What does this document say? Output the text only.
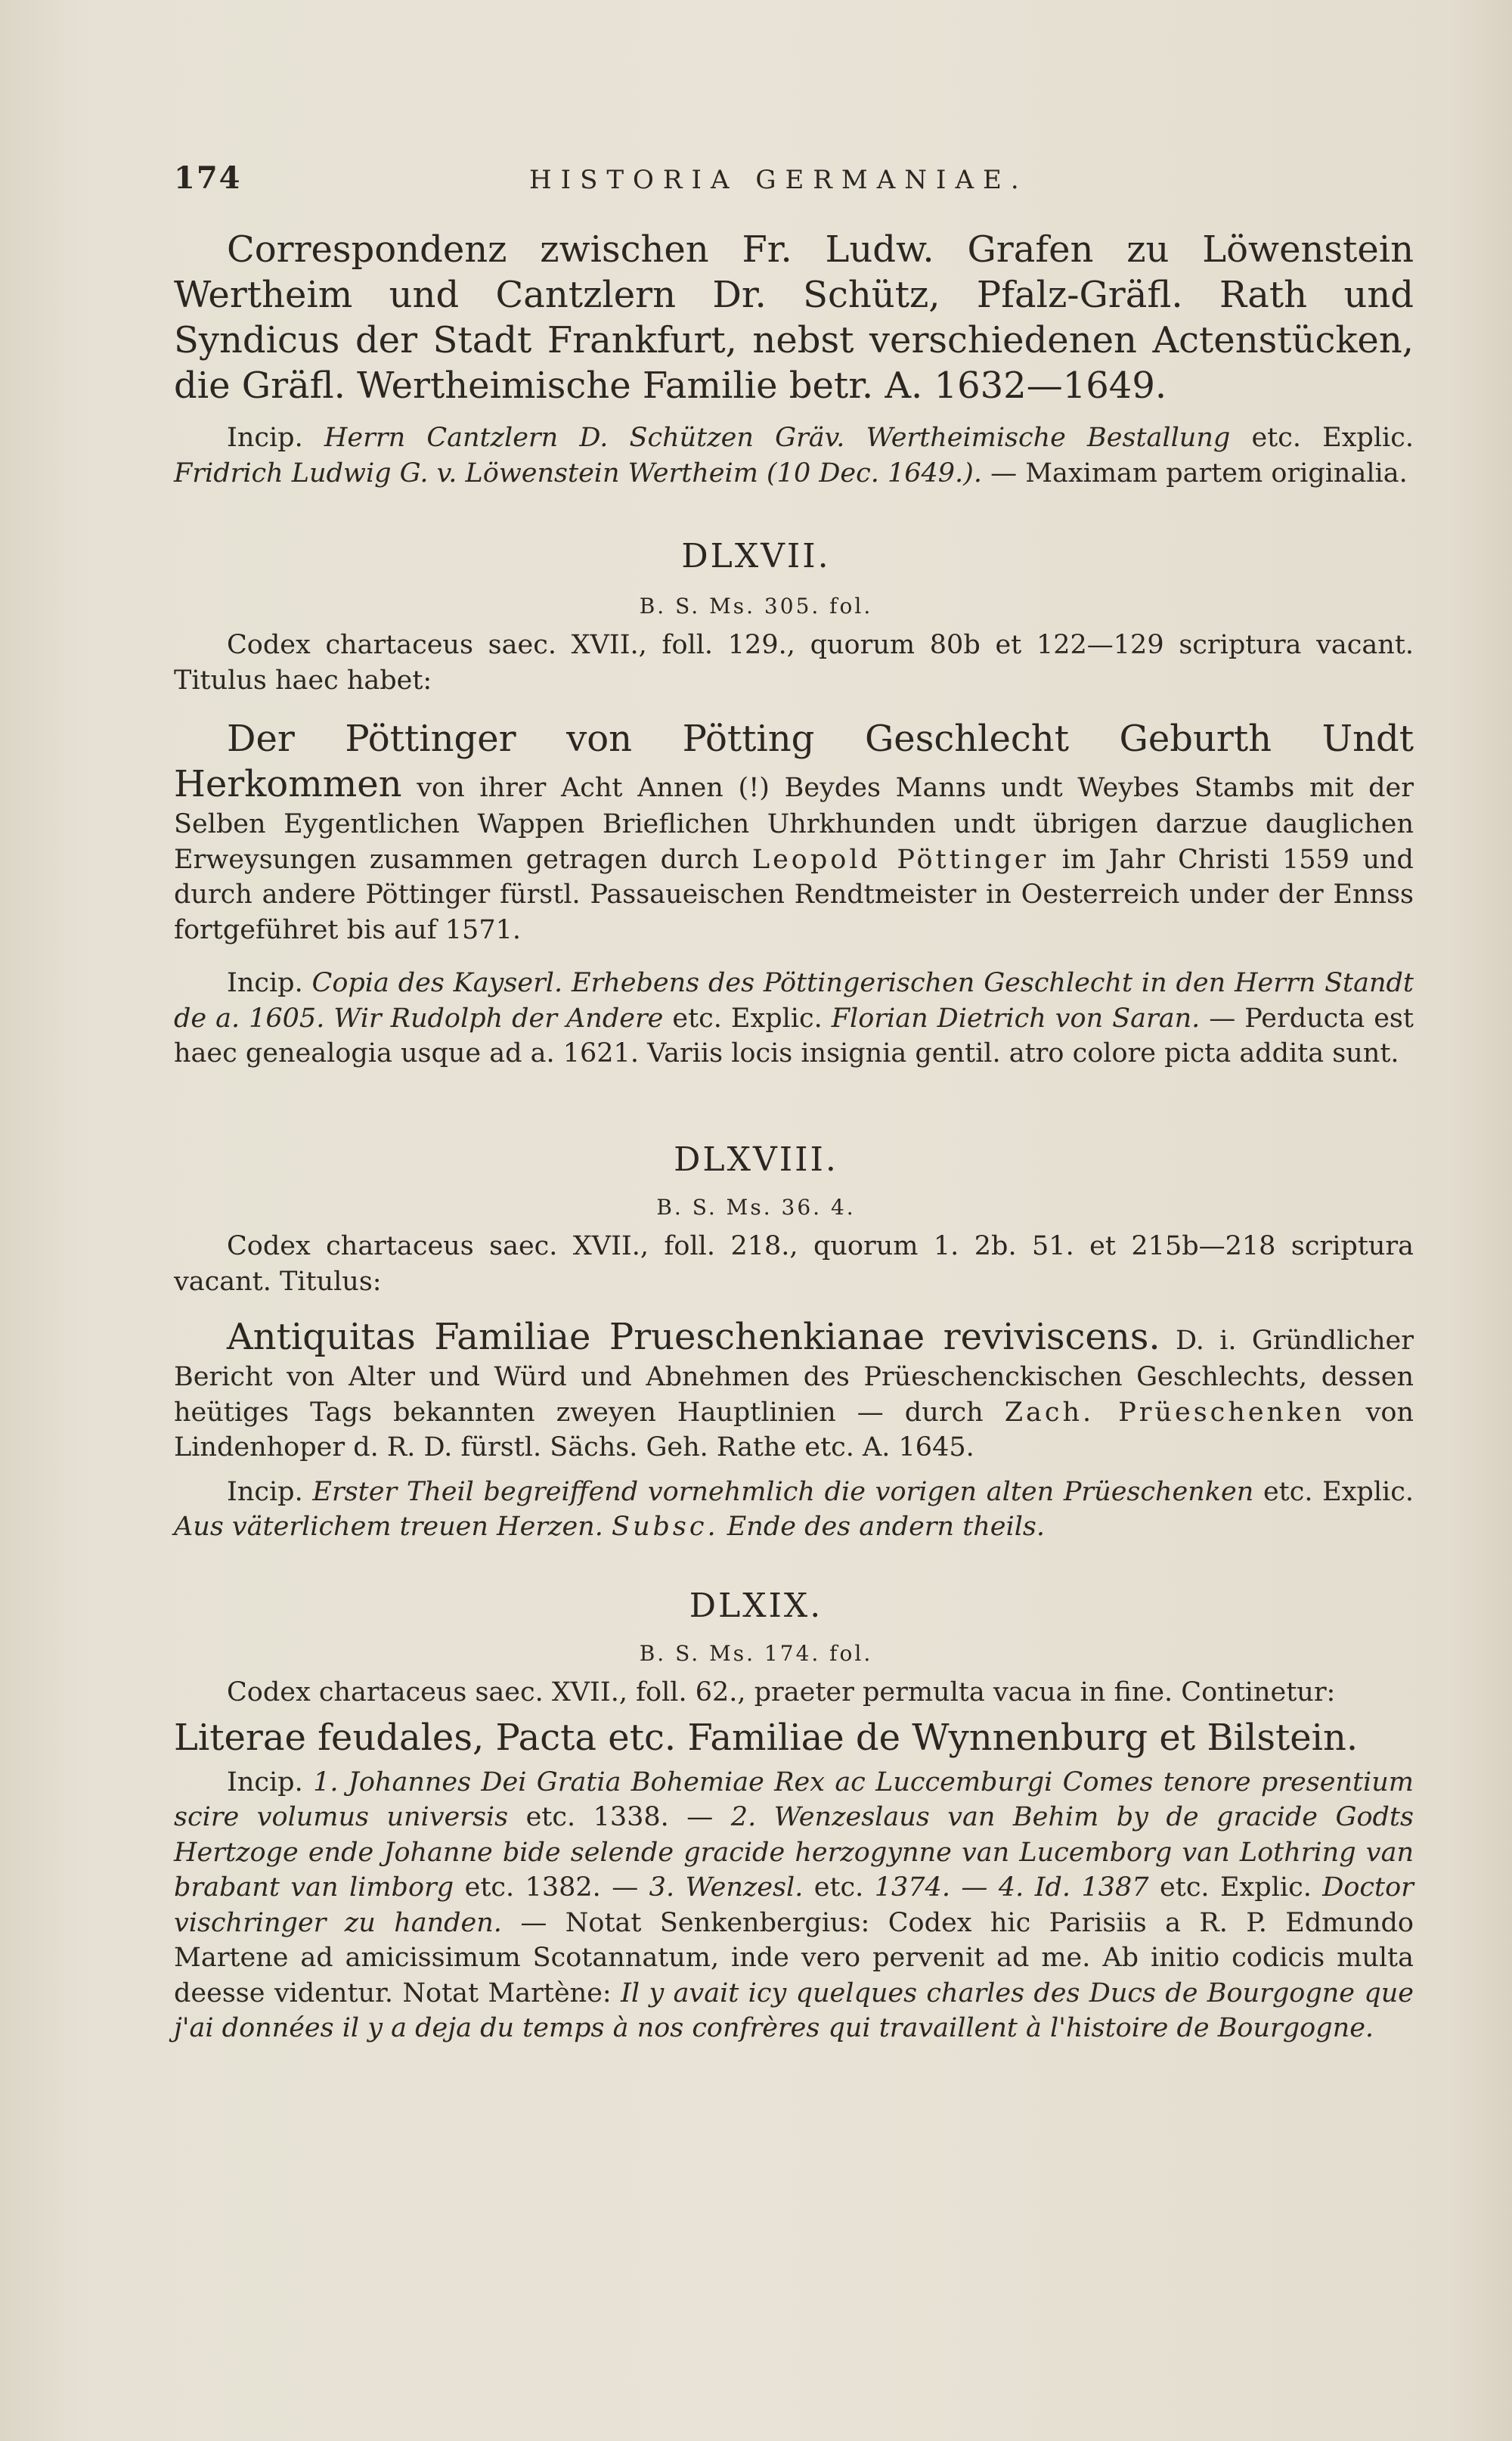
174	HISTORIA GERMANIAE.

Correspondenz zwischen Fr. Ludw. Grafen zu Löwenstein Wertheim und Cantzlern Dr. Schütz, Pfalz-Gräfl. Rath und Syndicus der Stadt Frankfurt, nebst verschiedenen Actenstücken, die Gräfl. Wertheimische Familie betr. A. 1632—1649.

Incip. Herrn Cantzlern D. Schützen Gräv. Wertheimische Bestallung etc. Explic. Fridrich Ludwig G. v. Löwenstein Wertheim (10 Dec. 1649.). — Maximam partem originalia.

DLXVII.
B. S. Ms. 305. fol.

Codex chartaceus saec. XVII., foll. 129., quorum 80b et 122—129 scriptura vacant. Titulus haec habet:

Der Pöttinger von Pötting Geschlecht Geburth Undt Herkommen von ihrer Acht Annen (!) Beydes Manns undt Weybes Stambs mit der Selben Eygentlichen Wappen Brieflichen Uhrkhunden undt übrigen darzue dauglichen Erweysungen zusammen getragen durch Leopold Pöttinger im Jahr Christi 1559 und durch andere Pöttinger fürstl. Passaueischen Rendtmeister in Oesterreich under der Ennss fortgeführet bis auf 1571.

Incip. Copia des Kayserl. Erhebens des Pöttingerischen Geschlecht in den Herrn Standt de a. 1605. Wir Rudolph der Andere etc. Explic. Florian Dietrich von Saran. — Perducta est haec genealogia usque ad a. 1621. Variis locis insignia gentil. atro colore picta addita sunt.

DLXVIII.
B. S. Ms. 36. 4.

Codex chartaceus saec. XVII., foll. 218., quorum 1. 2b. 51. et 215b—218 scriptura vacant. Titulus:

Antiquitas Familiae Prueschenkianae reviviscens. D. i. Gründlicher Bericht von Alter und Würd und Abnehmen des Prüeschenckischen Geschlechts, dessen heütiges Tags bekannten zweyen Hauptlinien — durch Zach. Prüeschenken von Lindenhoper d. R. D. fürstl. Sächs. Geh. Rathe etc. A. 1645.

Incip. Erster Theil begreiffend vornehmlich die vorigen alten Prüeschenken etc. Explic. Aus väterlichem treuen Herzen. Subsc. Ende des andern theils.

DLXIX.
B. S. Ms. 174. fol.

Codex chartaceus saec. XVII., foll. 62., praeter permulta vacua in fine. Continetur:

Literae feudales, Pacta etc. Familiae de Wynnenburg et Bilstein.

Incip. 1. Johannes Dei Gratia Bohemiae Rex ac Luccemburgi Comes tenore presentium scire volumus universis etc. 1338. — 2. Wenzeslaus van Behim by de gracide Godts Hertzoge ende Johanne bide selende gracide herzogynne van Lucemborg van Lothring van brabant van limborg etc. 1382. — 3. Wenzesl. etc. 1374. — 4. Id. 1387 etc. Explic. Doctor vischringer zu handen. — Notat Senkenbergius: Codex hic Parisiis a R. P. Edmundo Martene ad amicissimum Scotannatum, inde vero pervenit ad me. Ab initio codicis multa deesse videntur. Notat Martène: Il y avait icy quelques charles des Ducs de Bourgogne que j'ai données il y a deja du temps à nos confrères qui travaillent à l'histoire de Bourgogne.
